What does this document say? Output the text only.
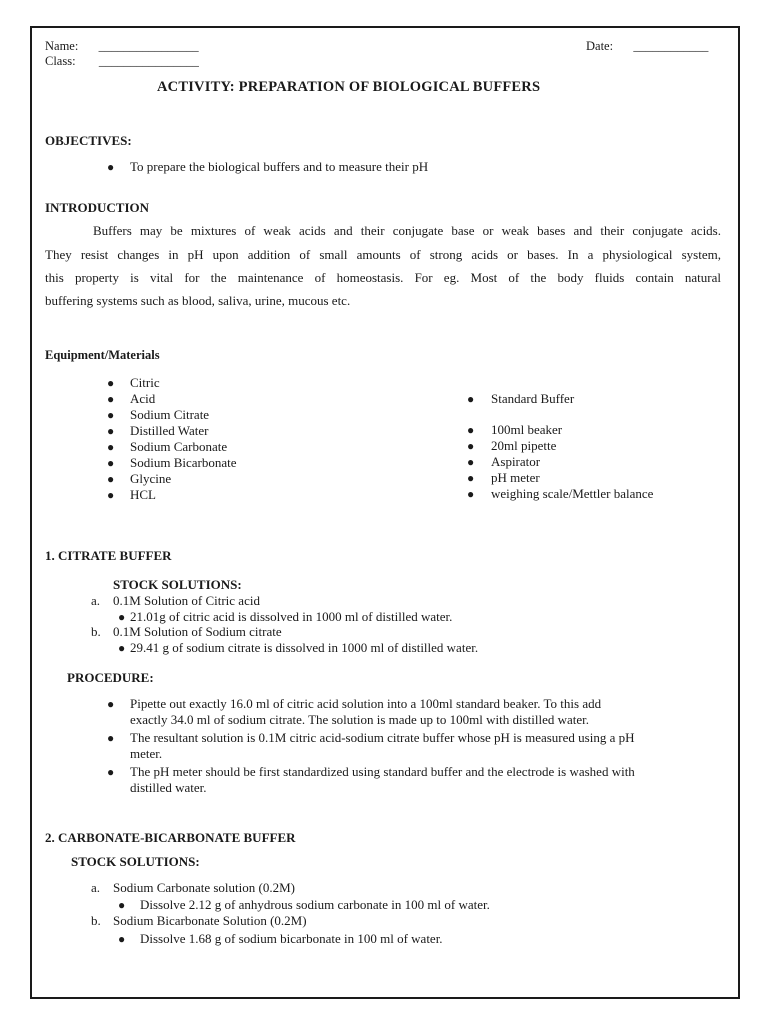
Name: ________________
Class: ________________
Date: ____________
ACTIVITY: PREPARATION OF BIOLOGICAL BUFFERS
OBJECTIVES:
● To prepare the biological buffers and to measure their pH
INTRODUCTION
Buffers may be mixtures of weak acids and their conjugate base or weak bases and their conjugate acids.
They resist changes in pH upon addition of small amounts of strong acids or bases. In a physiological system,
this property is vital for the maintenance of homeostasis. For eg. Most of the body fluids contain natural
buffering systems such as blood, saliva, urine, mucous etc.
Equipment/Materials
● Citric
● Acid
● Sodium Citrate
● Distilled Water
● Sodium Carbonate
● Sodium Bicarbonate
● Glycine
● HCL
● Standard Buffer
● 100ml beaker
● 20ml pipette
● Aspirator
● pH meter
● weighing scale/Mettler balance
1. CITRATE BUFFER
STOCK SOLUTIONS:
a. 0.1M Solution of Citric acid
● 21.01g of citric acid is dissolved in 1000 ml of distilled water.
b. 0.1M Solution of Sodium citrate
● 29.41 g of sodium citrate is dissolved in 1000 ml of distilled water.
PROCEDURE:
● Pipette out exactly 16.0 ml of citric acid solution into a 100ml standard beaker. To this add
exactly 34.0 ml of sodium citrate. The solution is made up to 100ml with distilled water.
● The resultant solution is 0.1M citric acid-sodium citrate buffer whose pH is measured using a pH
meter.
● The pH meter should be first standardized using standard buffer and the electrode is washed with
distilled water.
2. CARBONATE-BICARBONATE BUFFER
STOCK SOLUTIONS:
a. Sodium Carbonate solution (0.2M)
● Dissolve 2.12 g of anhydrous sodium carbonate in 100 ml of water.
b. Sodium Bicarbonate Solution (0.2M)
● Dissolve 1.68 g of sodium bicarbonate in 100 ml of water.
